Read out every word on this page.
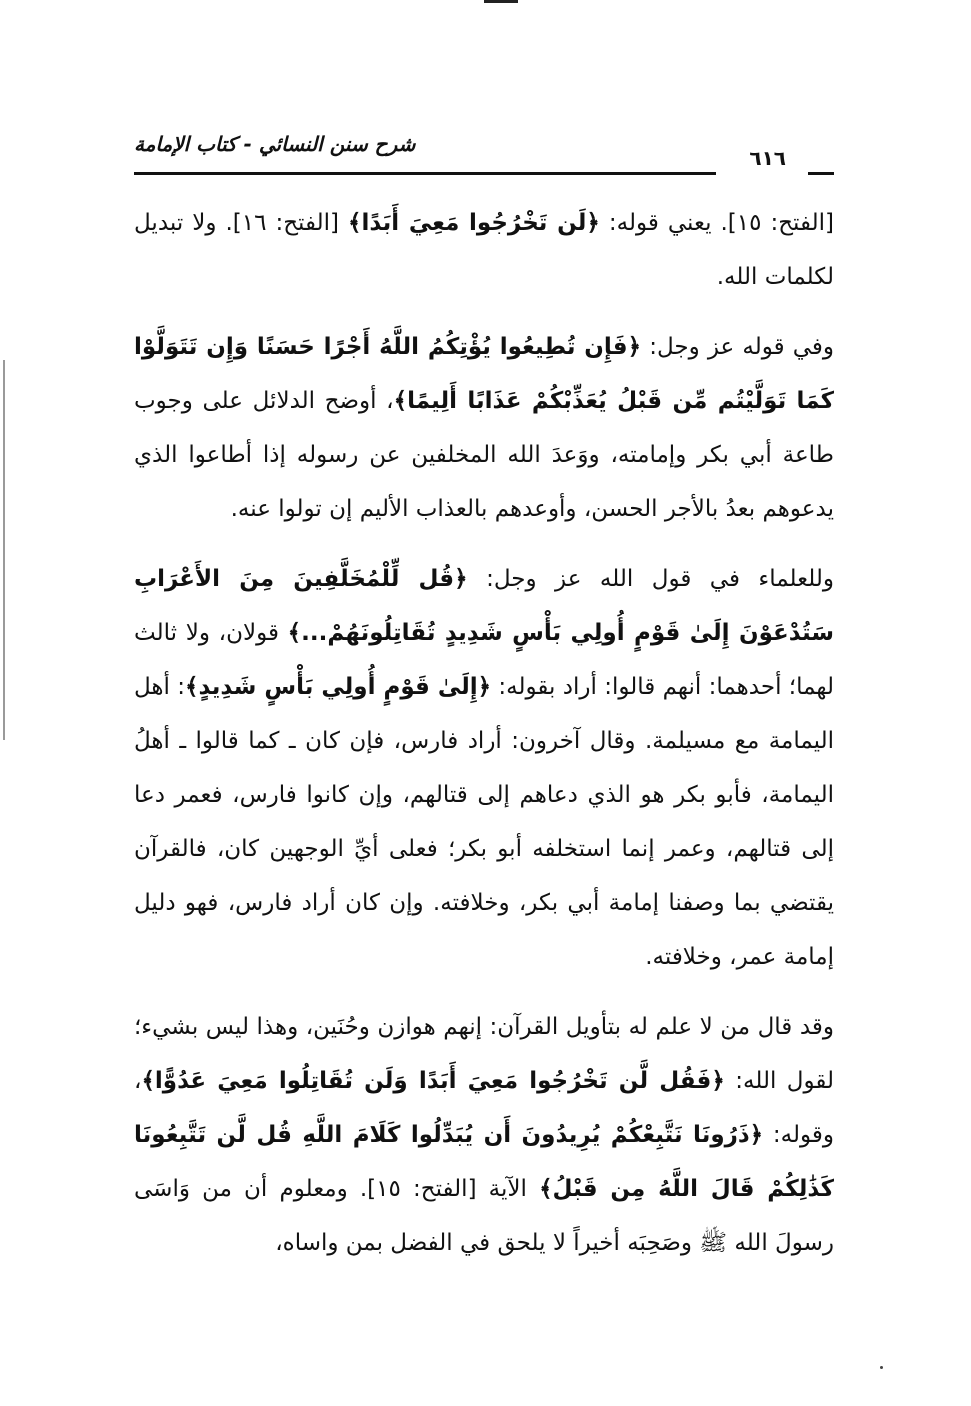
شرح سنن النسائي - كتاب الإمامة
٦١٦

[الفتح: ١٥]. يعني قوله: ﴿لَن تَخْرُجُوا مَعِيَ أَبَدًا﴾ [الفتح: ١٦]. ولا تبديل لكلمات الله.

وفي قوله عز وجل: ﴿فَإِن تُطِيعُوا يُؤْتِكُمُ اللَّهُ أَجْرًا حَسَنًا وَإِن تَتَوَلَّوْا كَمَا تَوَلَّيْتُم مِّن قَبْلُ يُعَذِّبْكُمْ عَذَابًا أَلِيمًا﴾، أوضح الدلائل على وجوب طاعة أبي بكر وإمامته، ووَعدَ الله المخلفين عن رسوله إذا أطاعوا الذي يدعوهم بعدُ بالأجر الحسن، وأوعدهم بالعذاب الأليم إن تولوا عنه.

وللعلماء في قول الله عز وجل: ﴿قُل لِّلْمُخَلَّفِينَ مِنَ الأَعْرَابِ سَتُدْعَوْنَ إِلَىٰ قَوْمٍ أُولِي بَأْسٍ شَدِيدٍ تُقَاتِلُونَهُمْ...﴾ قولان، ولا ثالث لهما؛ أحدهما: أنهم قالوا: أراد بقوله: ﴿إِلَىٰ قَوْمٍ أُولِي بَأْسٍ شَدِيدٍ﴾: أهل اليمامة مع مسيلمة. وقال آخرون: أراد فارس، فإن كان ـ كما قالوا ـ أهلُ اليمامة، فأبو بكر هو الذي دعاهم إلى قتالهم، وإن كانوا فارس، فعمر دعا إلى قتالهم، وعمر إنما استخلفه أبو بكر؛ فعلى أيِّ الوجهين كان، فالقرآن يقتضي بما وصفنا إمامة أبي بكر، وخلافته. وإن كان أراد فارس، فهو دليل إمامة عمر، وخلافته.

وقد قال من لا علم له بتأويل القرآن: إنهم هوازن وحُنَين، وهذا ليس بشيء؛ لقول الله: ﴿فَقُل لَّن تَخْرُجُوا مَعِيَ أَبَدًا وَلَن تُقَاتِلُوا مَعِيَ عَدُوًّا﴾، وقوله: ﴿ذَرُونَا نَتَّبِعْكُمْ يُرِيدُونَ أَن يُبَدِّلُوا كَلَامَ اللَّهِ قُل لَّن تَتَّبِعُونَا كَذَٰلِكُمْ قَالَ اللَّهُ مِن قَبْلُ﴾ الآية [الفتح: ١٥]. ومعلوم أن من وَاسَى رسولَ الله ﷺ وصَحِبَه أخيراً لا يلحق في الفضل بمن واساه،
